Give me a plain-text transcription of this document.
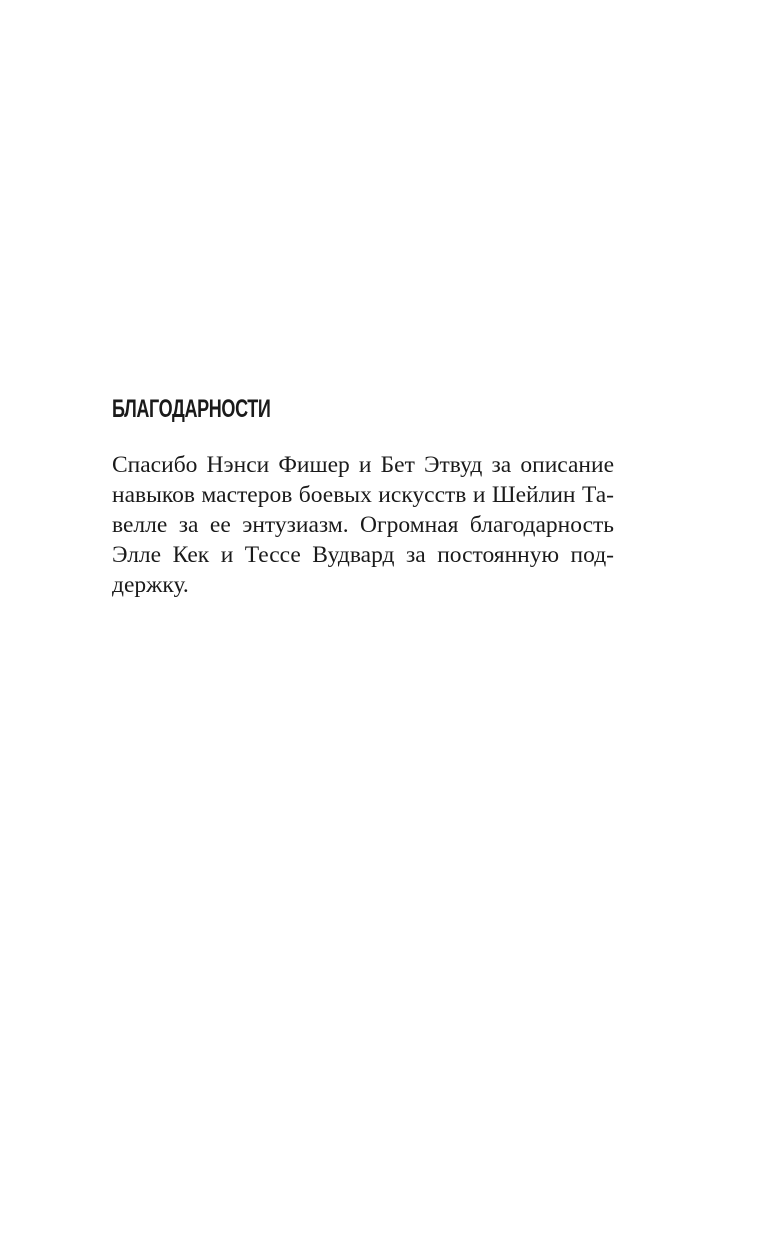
БЛАГОДАРНОСТИ
Спасибо Нэнси Фишер и Бет Этвуд за описание
навыков мастеров боевых искусств и Шейлин Та-
велле за ее энтузиазм. Огромная благодарность
Элле Кек и Тессе Вудвард за постоянную под-
держку.
